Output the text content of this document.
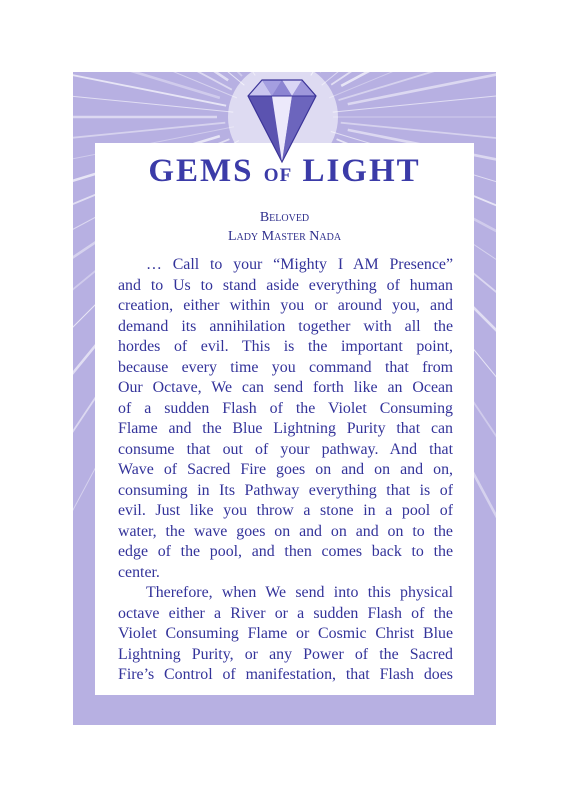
GEMS OF LIGHT
Beloved
Lady Master Nada
… Call to your “Mighty I AM Presence”
and to Us to stand aside everything of human
creation, either within you or around you, and
demand its annihilation together with all the
hordes of evil. This is the important point,
because every time you command that from
Our Octave, We can send forth like an Ocean
of a sudden Flash of the Violet Consuming
Flame and the Blue Lightning Purity that can
consume that out of your pathway. And that
Wave of Sacred Fire goes on and on and on,
consuming in Its Pathway everything that is of
evil. Just like you throw a stone in a pool of
water, the wave goes on and on and on to the
edge of the pool, and then comes back to the
center.
Therefore, when We send into this physical
octave either a River or a sudden Flash of the
Violet Consuming Flame or Cosmic Christ Blue
Lightning Purity, or any Power of the Sacred
Fire’s Control of manifestation, that Flash does
